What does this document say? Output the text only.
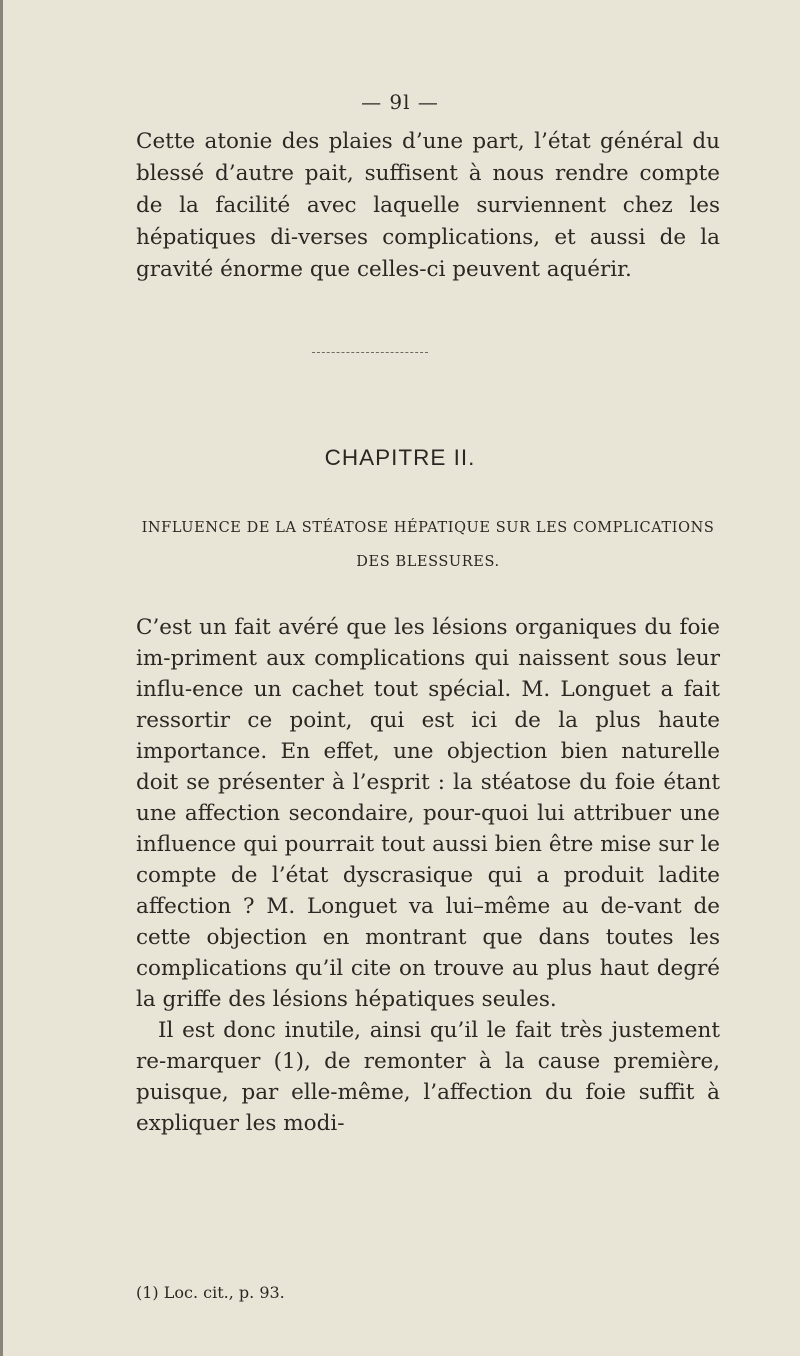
— 9l —

Cette atonie des plaies d’une part, l’état général du blessé d’autre pait, suffisent à nous rendre compte de la facilité avec laquelle surviennent chez les hépatiques di-verses complications, et aussi de la gravité énorme que celles-ci peuvent aquérir.

CHAPITRE II.
INFLUENCE DE LA STÉATOSE HÉPATIQUE SUR LES COMPLICATIONS DES BLESSURES.

C’est un fait avéré que les lésions organiques du foie im-priment aux complications qui naissent sous leur influ-ence un cachet tout spécial. M. Longuet a fait ressortir ce point, qui est ici de la plus haute importance. En effet, une objection bien naturelle doit se présenter à l’esprit : la stéatose du foie étant une affection secondaire, pour-quoi lui attribuer une influence qui pourrait tout aussi bien être mise sur le compte de l’état dyscrasique qui a produit ladite affection ? M. Longuet va lui–même au de-vant de cette objection en montrant que dans toutes les complications qu’il cite on trouve au plus haut degré la griffe des lésions hépatiques seules.

Il est donc inutile, ainsi qu’il le fait très justement re-marquer (1), de remonter à la cause première, puisque, par elle-même, l’affection du foie suffit à expliquer les modi-

(1) Loc. cit., p. 93.
